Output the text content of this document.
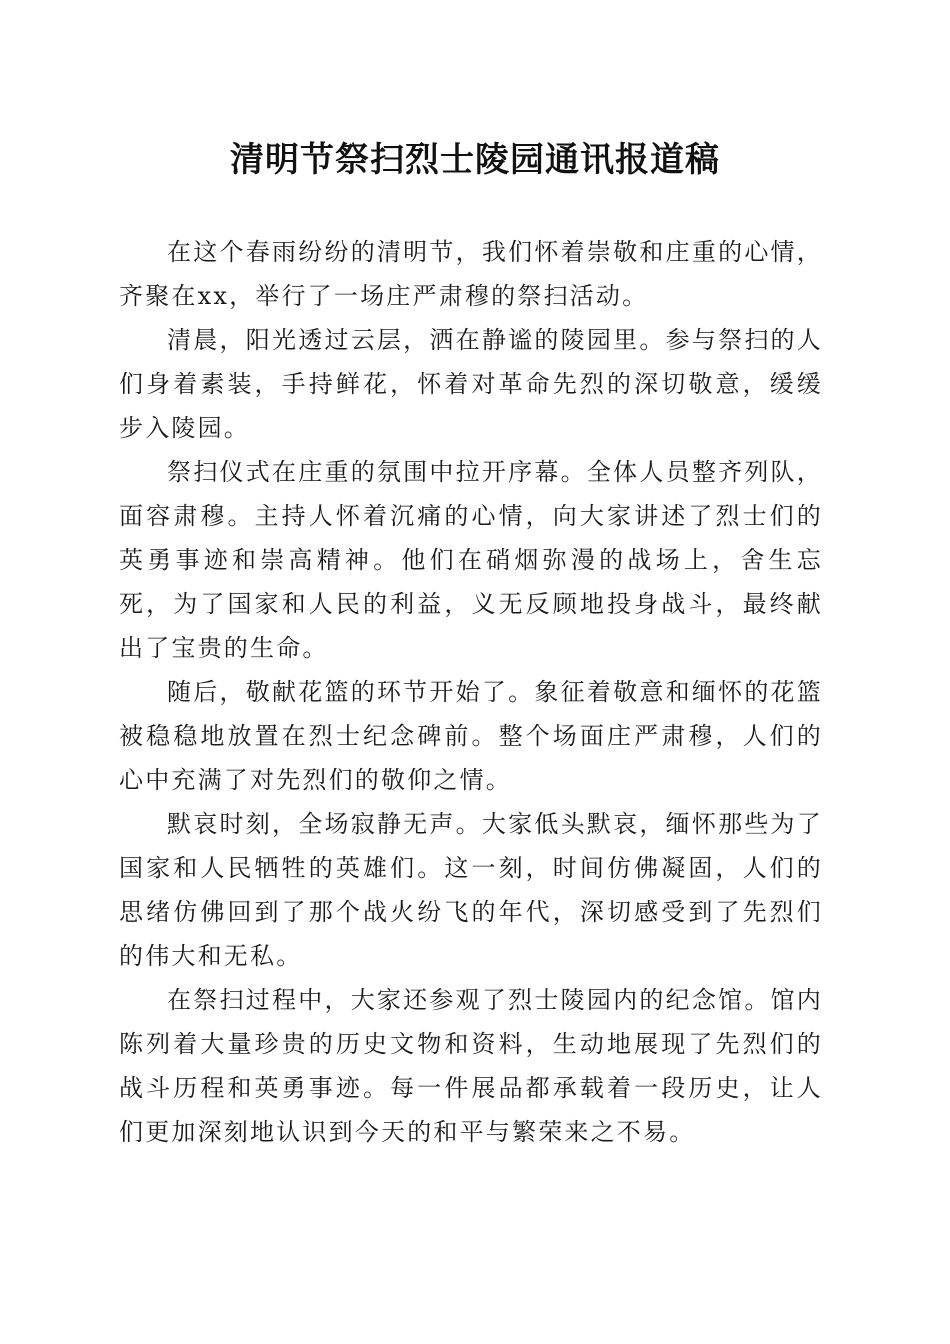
清明节祭扫烈士陵园通讯报道稿

在这个春雨纷纷的清明节，我们怀着崇敬和庄重的心情，齐聚在xx，举行了一场庄严肃穆的祭扫活动。

清晨，阳光透过云层，洒在静谧的陵园里。参与祭扫的人们身着素装，手持鲜花，怀着对革命先烈的深切敬意，缓缓步入陵园。

祭扫仪式在庄重的氛围中拉开序幕。全体人员整齐列队，面容肃穆。主持人怀着沉痛的心情，向大家讲述了烈士们的英勇事迹和崇高精神。他们在硝烟弥漫的战场上，舍生忘死，为了国家和人民的利益，义无反顾地投身战斗，最终献出了宝贵的生命。

随后，敬献花篮的环节开始了。象征着敬意和缅怀的花篮被稳稳地放置在烈士纪念碑前。整个场面庄严肃穆，人们的心中充满了对先烈们的敬仰之情。

默哀时刻，全场寂静无声。大家低头默哀，缅怀那些为了国家和人民牺牲的英雄们。这一刻，时间仿佛凝固，人们的思绪仿佛回到了那个战火纷飞的年代，深切感受到了先烈们的伟大和无私。

在祭扫过程中，大家还参观了烈士陵园内的纪念馆。馆内陈列着大量珍贵的历史文物和资料，生动地展现了先烈们的战斗历程和英勇事迹。每一件展品都承载着一段历史，让人们更加深刻地认识到今天的和平与繁荣来之不易。
